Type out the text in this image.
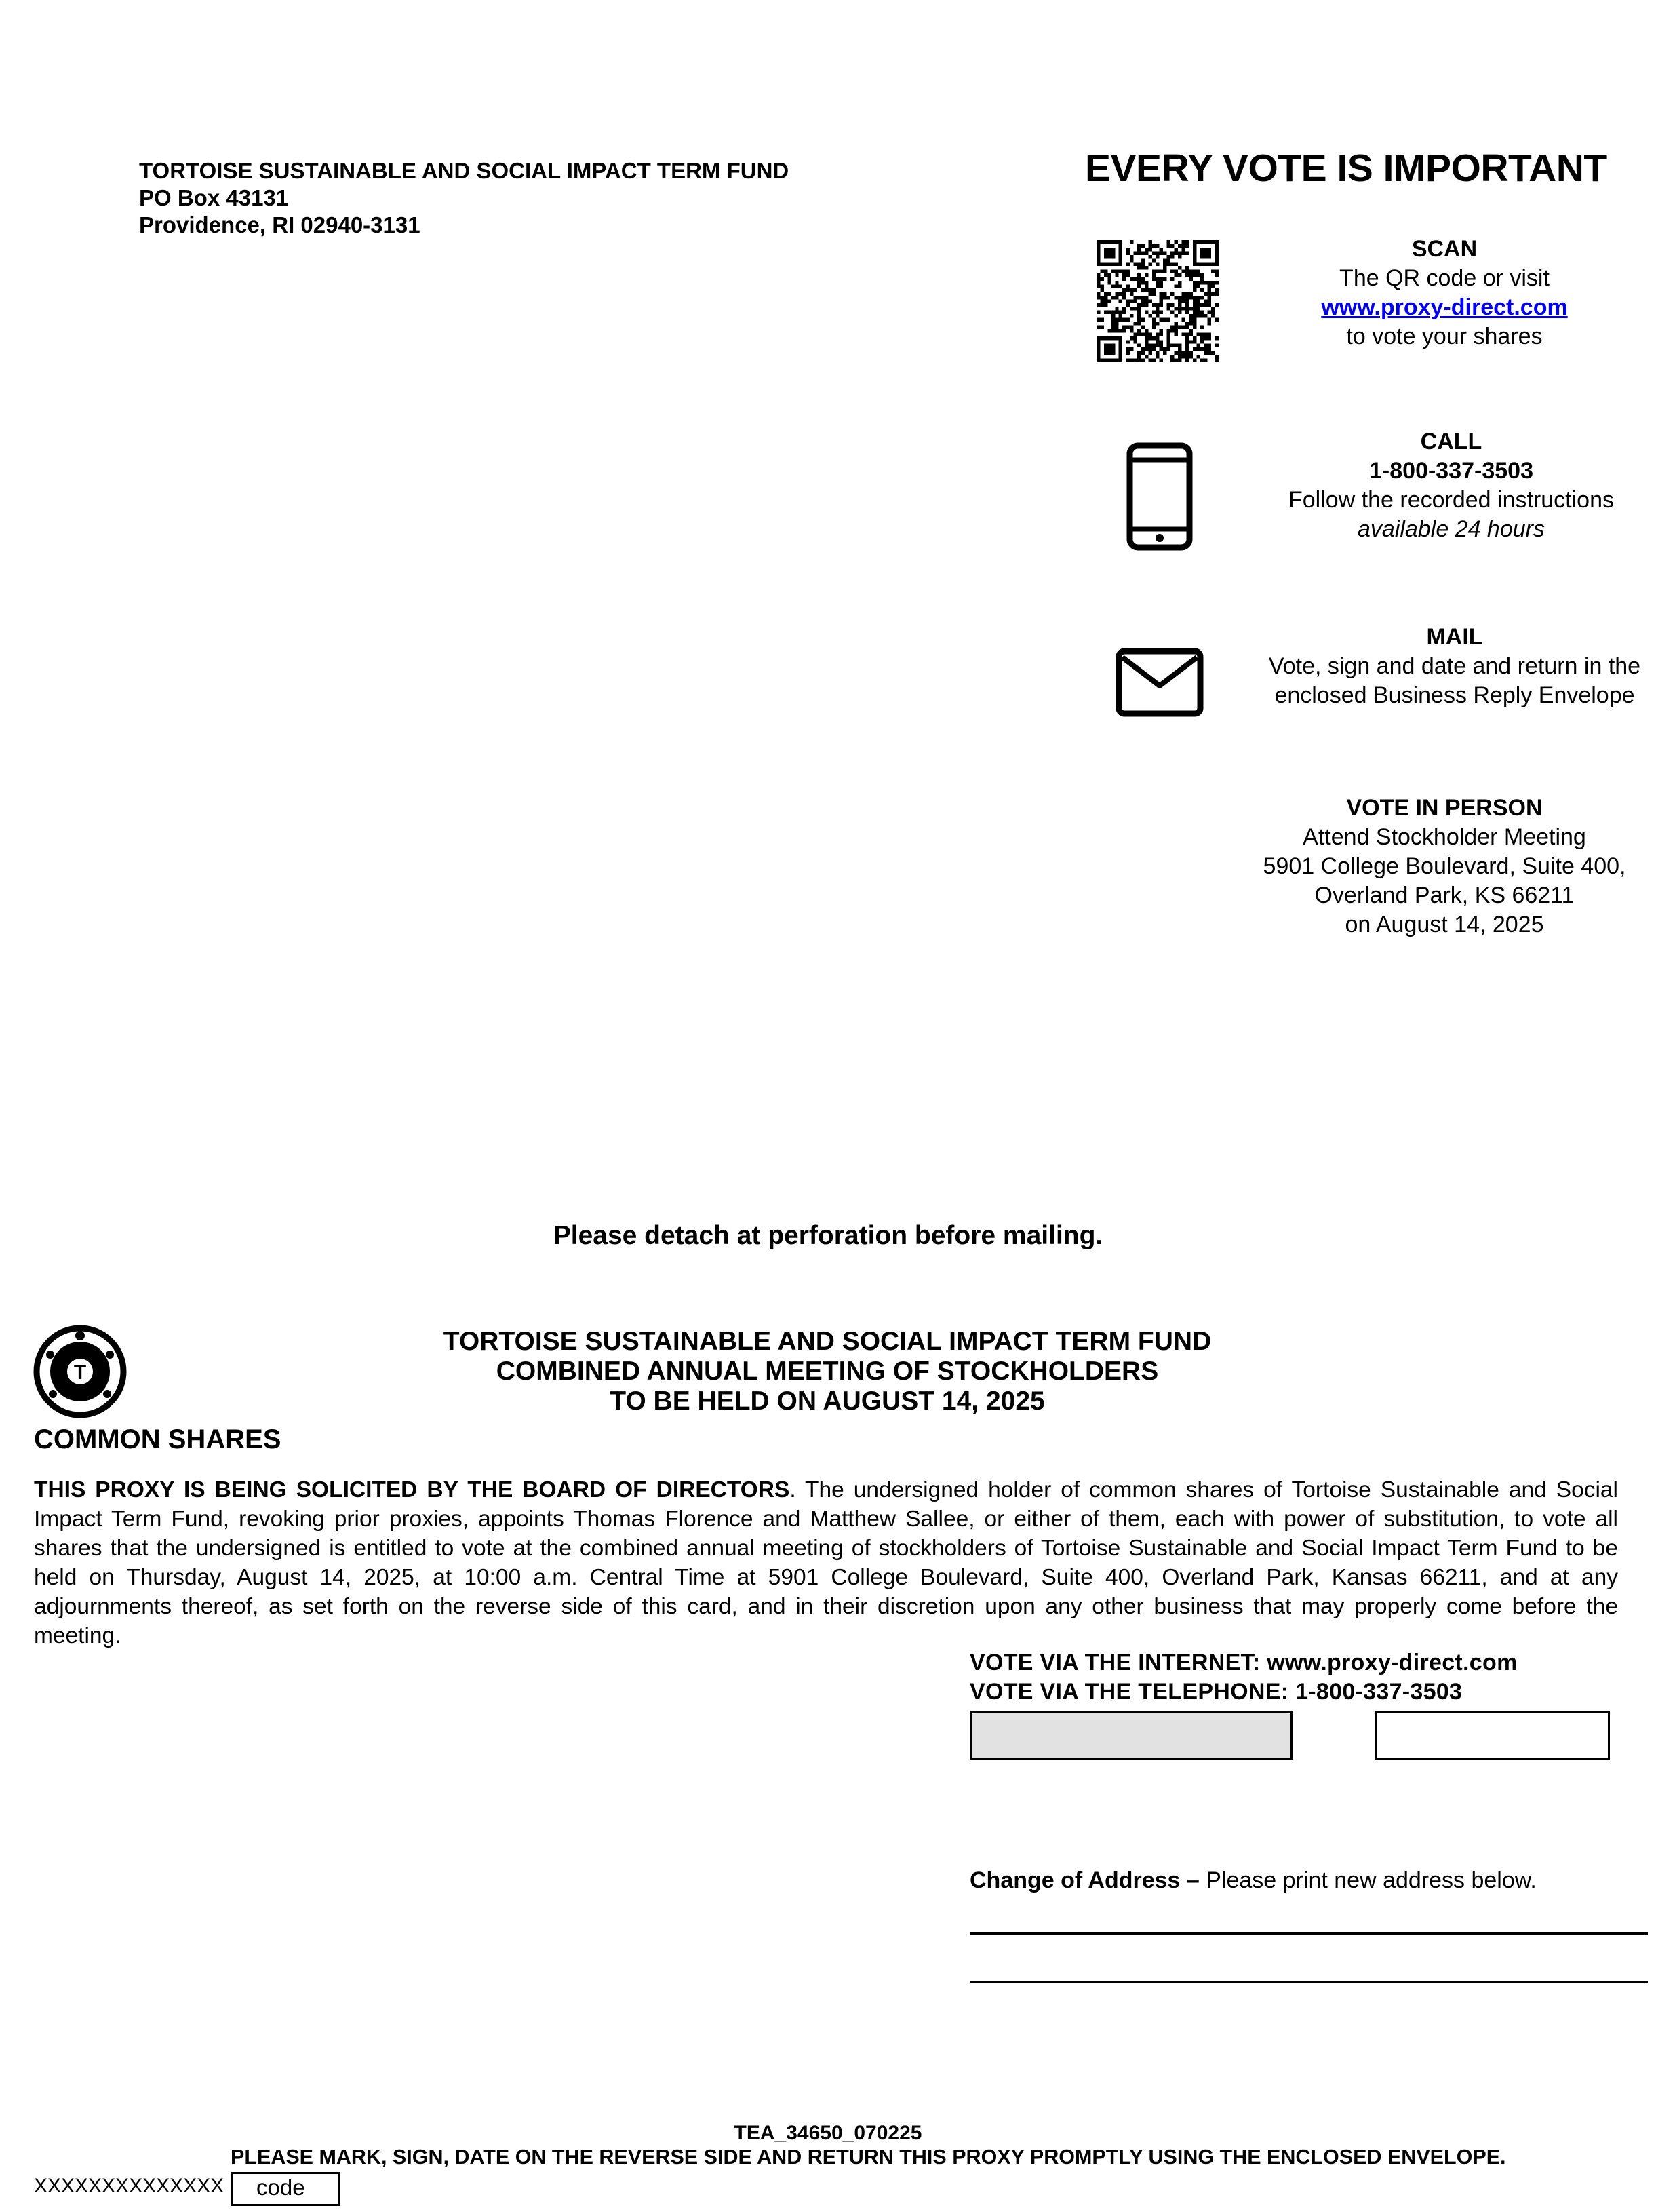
TORTOISE SUSTAINABLE AND SOCIAL IMPACT TERM FUND
PO Box 43131
Providence, RI 02940-3131
EVERY VOTE IS IMPORTANT
SCAN
The QR code or visit
www.proxy-direct.com
to vote your shares
CALL
1-800-337-3503
Follow the recorded instructions
available 24 hours
MAIL
Vote, sign and date and return in the
enclosed Business Reply Envelope
VOTE IN PERSON
Attend Stockholder Meeting
5901 College Boulevard, Suite 400,
Overland Park, KS 66211
on August 14, 2025
Please detach at perforation before mailing.
T
TORTOISE SUSTAINABLE AND SOCIAL IMPACT TERM FUND
COMBINED ANNUAL MEETING OF STOCKHOLDERS
TO BE HELD ON AUGUST 14, 2025
COMMON SHARES
THIS PROXY IS BEING SOLICITED BY THE BOARD OF DIRECTORS. The undersigned holder of common shares of Tortoise Sustainable and Social Impact Term Fund, revoking prior proxies, appoints Thomas Florence and Matthew Sallee, or either of them, each with power of substitution, to vote all shares that the undersigned is entitled to vote at the combined annual meeting of stockholders of Tortoise Sustainable and Social Impact Term Fund to be held on Thursday, August 14, 2025, at 10:00 a.m. Central Time at 5901 College Boulevard, Suite 400, Overland Park, Kansas 66211, and at any adjournments thereof, as set forth on the reverse side of this card, and in their discretion upon any other business that may properly come before the meeting.
VOTE VIA THE INTERNET: www.proxy-direct.com
VOTE VIA THE TELEPHONE: 1-800-337-3503
Change of Address – Please print new address below.
TEA_34650_070225
PLEASE MARK, SIGN, DATE ON THE REVERSE SIDE AND RETURN THIS PROXY PROMPTLY USING THE ENCLOSED ENVELOPE.
XXXXXXXXXXXXXX	code
